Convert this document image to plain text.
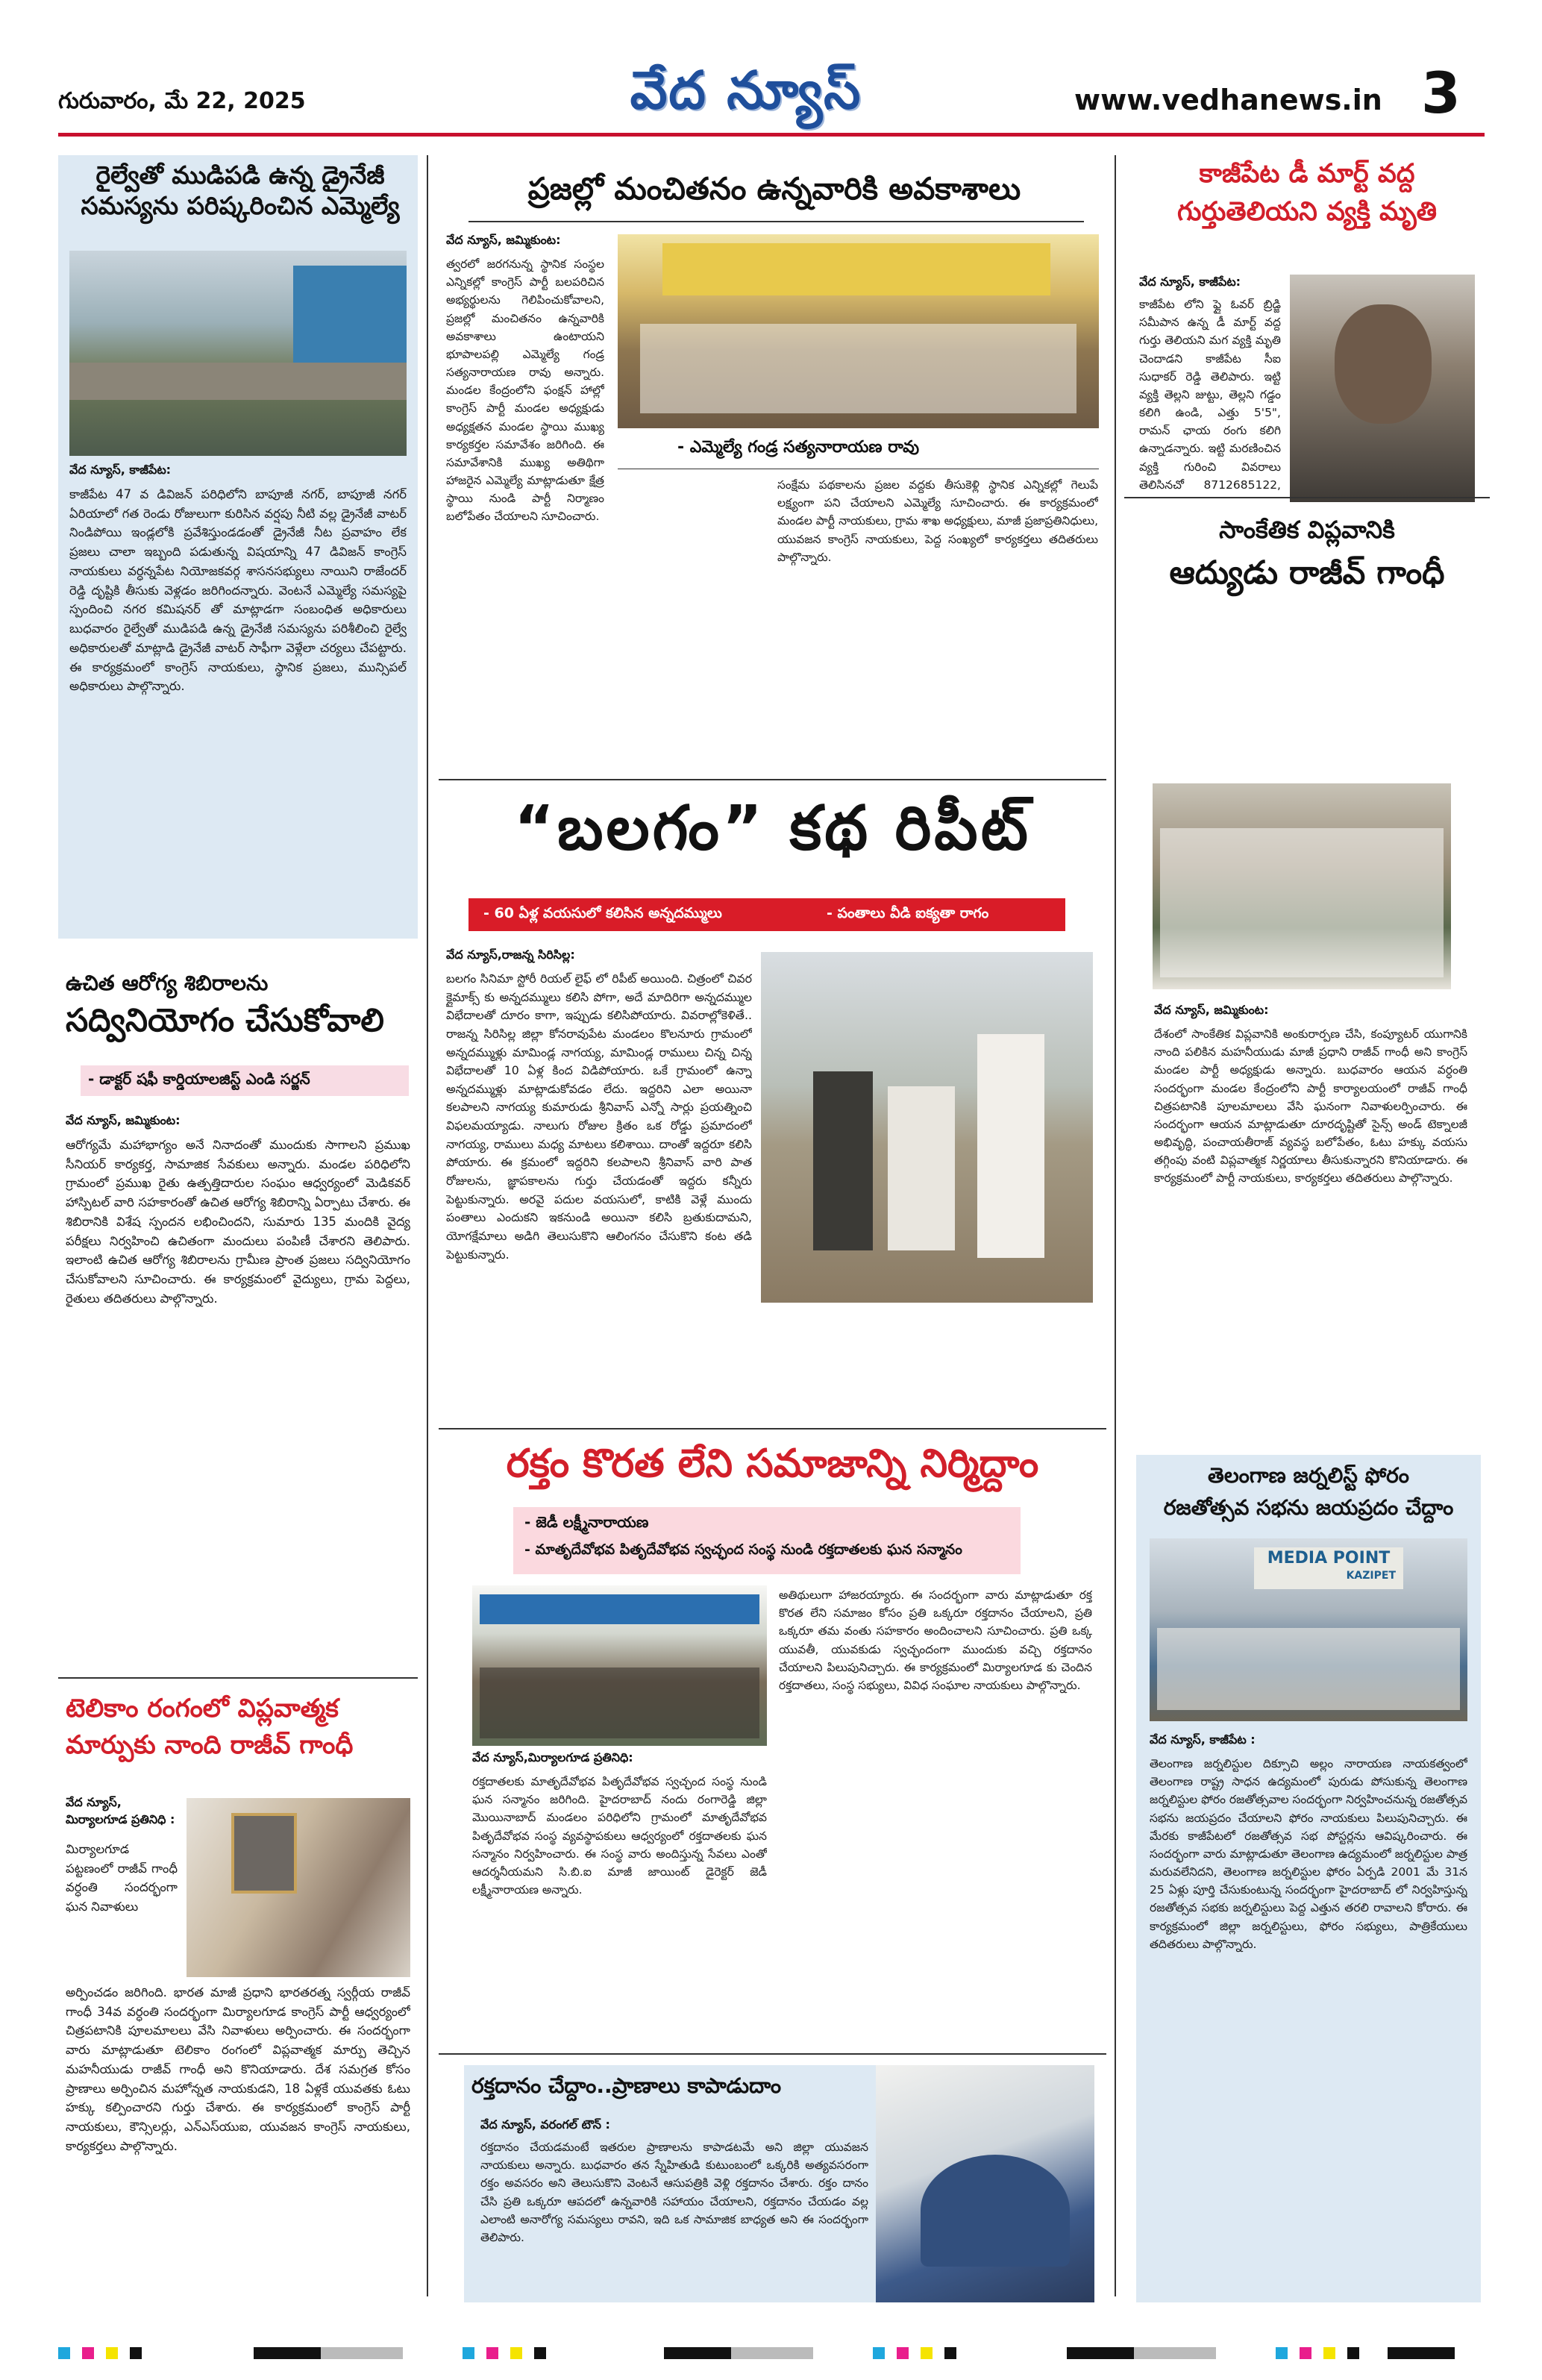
గురువారం, మే 22, 2025	వేద న్యూస్	www.vedhanews.in 3
రైల్వేతో ముడిపడి ఉన్న డ్రైనేజీ
సమస్యను పరిష్కరించిన ఎమ్మెల్యే
వేద న్యూస్, కాజీపేట:
కాజీపేట 47 వ డివిజన్ పరిధిలోని బాపూజీ నగర్, బాపూజీ నగర్ ఏరియాలో గత రెండు రోజులుగా కురిసిన వర్షపు నీటి వల్ల డ్రైనేజీ వాటర్ నిండిపోయి ఇండ్లలోకి ప్రవేశిస్తుండడంతో డ్రైనేజీ నీట ప్రవాహం లేక ప్రజలు చాలా ఇబ్బంది పడుతున్న విషయాన్ని 47 డివిజన్ కాంగ్రెస్ నాయకులు వర్ధన్నపేట నియోజకవర్గ శాసనసభ్యులు నాయిని రాజేందర్ రెడ్డి దృష్టికి తీసుకు వెళ్లడం జరిగిందన్నారు. వెంటనే ఎమ్మెల్యే సమస్యపై స్పందించి నగర కమిషనర్ తో మాట్లాడగా సంబంధిత అధికారులు బుధవారం రైల్వేతో ముడిపడి ఉన్న డ్రైనేజీ సమస్యను పరిశీలించి రైల్వే అధికారులతో మాట్లాడి డ్రైనేజీ వాటర్ సాఫీగా వెళ్లేలా చర్యలు చేపట్టారు. ఈ కార్యక్రమంలో కాంగ్రెస్ నాయకులు, స్థానిక ప్రజలు, మున్సిపల్ అధికారులు పాల్గొన్నారు.
ఉచిత ఆరోగ్య శిబిరాలను
సద్వినియోగం చేసుకోవాలి
- డాక్టర్ షఫీ కార్డియాలజిస్ట్ ఎండి సర్జన్
వేద న్యూస్, జమ్మికుంట:
ఆరోగ్యమే మహాభాగ్యం అనే నినాదంతో ముందుకు సాగాలని ప్రముఖ సీనియర్ కార్యకర్త, సామాజిక సేవకులు అన్నారు. మండల పరిధిలోని గ్రామంలో ప్రముఖ రైతు ఉత్పత్తిదారుల సంఘం ఆధ్వర్యంలో మెడికవర్ హాస్పిటల్ వారి సహకారంతో ఉచిత ఆరోగ్య శిబిరాన్ని ఏర్పాటు చేశారు. ఈ శిబిరానికి విశేష స్పందన లభించిందని, సుమారు 135 మందికి వైద్య పరీక్షలు నిర్వహించి ఉచితంగా మందులు పంపిణీ చేశారని తెలిపారు. ఇలాంటి ఉచిత ఆరోగ్య శిబిరాలను గ్రామీణ ప్రాంత ప్రజలు సద్వినియోగం చేసుకోవాలని సూచించారు. ఈ కార్యక్రమంలో వైద్యులు, గ్రామ పెద్దలు, రైతులు తదితరులు పాల్గొన్నారు.
టెలికాం రంగంలో విప్లవాత్మక
మార్పుకు నాంది రాజీవ్ గాంధీ
వేద న్యూస్,
మిర్యాలగూడ ప్రతినిధి :
మిర్యాలగూడ పట్టణంలో రాజీవ్ గాంధీ వర్ధంతి సందర్భంగా ఘన నివాళులు
అర్పించడం జరిగింది. భారత మాజీ ప్రధాని భారతరత్న స్వర్గీయ రాజీవ్ గాంధీ 34వ వర్ధంతి సందర్భంగా మిర్యాలగూడ కాంగ్రెస్ పార్టీ ఆధ్వర్యంలో చిత్రపటానికి పూలమాలలు వేసి నివాళులు అర్పించారు. ఈ సందర్భంగా వారు మాట్లాడుతూ టెలికాం రంగంలో విప్లవాత్మక మార్పు తెచ్చిన మహనీయుడు రాజీవ్ గాంధీ అని కొనియాడారు. దేశ సమగ్రత కోసం ప్రాణాలు అర్పించిన మహోన్నత నాయకుడని, 18 ఏళ్లకే యువతకు ఓటు హక్కు కల్పించారని గుర్తు చేశారు. ఈ కార్యక్రమంలో కాంగ్రెస్ పార్టీ నాయకులు, కౌన్సిలర్లు, ఎన్ఎస్‌యుఐ, యువజన కాంగ్రెస్ నాయకులు, కార్యకర్తలు పాల్గొన్నారు.
ప్రజల్లో మంచితనం ఉన్నవారికి అవకాశాలు
వేద న్యూస్, జమ్మికుంట:
త్వరలో జరగనున్న స్థానిక సంస్థల ఎన్నికల్లో కాంగ్రెస్ పార్టీ బలపరిచిన అభ్యర్థులను గెలిపించుకోవాలని, ప్రజల్లో మంచితనం ఉన్నవారికి అవకాశాలు ఉంటాయని భూపాలపల్లి ఎమ్మెల్యే గండ్ర సత్యనారాయణ రావు అన్నారు. మండల కేంద్రంలోని ఫంక్షన్ హాల్లో కాంగ్రెస్ పార్టీ మండల అధ్యక్షుడు అధ్యక్షతన మండల స్థాయి ముఖ్య కార్యకర్తల సమావేశం జరిగింది. ఈ సమావేశానికి ముఖ్య అతిథిగా హాజరైన ఎమ్మెల్యే మాట్లాడుతూ క్షేత్ర స్థాయి నుండి పార్టీ నిర్మాణం బలోపేతం చేయాలని సూచించారు.
- ఎమ్మెల్యే గండ్ర సత్యనారాయణ రావు
సంక్షేమ పథకాలను ప్రజల వద్దకు తీసుకెళ్లి స్థానిక ఎన్నికల్లో గెలుపే లక్ష్యంగా పని చేయాలని ఎమ్మెల్యే సూచించారు. ఈ కార్యక్రమంలో మండల పార్టీ నాయకులు, గ్రామ శాఖ అధ్యక్షులు, మాజీ ప్రజాప్రతినిధులు, యువజన కాంగ్రెస్ నాయకులు, పెద్ద సంఖ్యలో కార్యకర్తలు తదితరులు పాల్గొన్నారు.
“బలగం” కథ రిపీట్
- 60 ఏళ్ల వయసులో కలిసిన అన్నదమ్ములు	- పంతాలు వీడి ఐక్యతా రాగం
వేద న్యూస్,రాజన్న సిరిసిల్ల:
బలగం సినిమా స్టోరీ రియల్ లైఫ్ లో రిపీట్ అయింది. చిత్రంలో చివర క్లైమాక్స్ కు అన్నదమ్ములు కలిసి పోగా, అదే మాదిరిగా అన్నదమ్ముల విభేదాలతో దూరం కాగా, ఇప్పుడు కలిసిపోయారు. వివరాల్లోకెళితే.. రాజన్న సిరిసిల్ల జిల్లా కోనరావుపేట మండలం కొలనూరు గ్రామంలో అన్నదమ్ముళ్లు మామిండ్ల నాగయ్య, మామిండ్ల రాములు చిన్న చిన్న విభేదాలతో 10 ఏళ్ల కింద విడిపోయారు. ఒకే గ్రామంలో ఉన్నా అన్నదమ్ముళ్లు మాట్లాడుకోవడం లేదు. ఇద్దరిని ఎలా అయినా కలపాలని నాగయ్య కుమారుడు శ్రీనివాస్ ఎన్నో సార్లు ప్రయత్నించి విఫలమయ్యాడు. నాలుగు రోజుల క్రితం ఒక రోడ్డు ప్రమాదంలో నాగయ్య, రాములు మధ్య మాటలు కలిశాయి. దాంతో ఇద్దరూ కలిసి పోయారు. ఈ క్రమంలో ఇద్దరిని కలపాలని శ్రీనివాస్ వారి పాత రోజులను, జ్ఞాపకాలను గుర్తు చేయడంతో ఇద్దరు కన్నీరు పెట్టుకున్నారు. అరవై పదుల వయసులో, కాటికి వెళ్లే ముందు పంతాలు ఎందుకని ఇకనుండి అయినా కలిసి బ్రతుకుదామని, యోగక్షేమాలు అడిగి తెలుసుకొని ఆలింగనం చేసుకొని కంట తడి పెట్టుకున్నారు.
రక్తం కొరత లేని సమాజాన్ని నిర్మిద్దాం
- జెడీ లక్ష్మీనారాయణ
- మాతృదేవోభవ పితృదేవోభవ స్వచ్ఛంద సంస్థ నుండి రక్తదాతలకు ఘన సన్మానం
వేద న్యూస్,మిర్యాలగూడ ప్రతినిధి:
రక్తదాతలకు మాతృదేవోభవ పితృదేవోభవ స్వచ్ఛంద సంస్థ నుండి ఘన సన్మానం జరిగింది. హైదరాబాద్ నందు రంగారెడ్డి జిల్లా మొయినాబాద్ మండలం పరిధిలోని గ్రామంలో మాతృదేవోభవ పితృదేవోభవ సంస్థ వ్యవస్థాపకులు ఆధ్వర్యంలో రక్తదాతలకు ఘన సన్మానం నిర్వహించారు. ఈ సంస్థ వారు అందిస్తున్న సేవలు ఎంతో ఆదర్శనీయమని సి.బి.ఐ మాజీ జాయింట్ డైరెక్టర్ జెడీ లక్ష్మీనారాయణ అన్నారు.
అతిథులుగా హాజరయ్యారు. ఈ సందర్భంగా వారు మాట్లాడుతూ రక్త కొరత లేని సమాజం కోసం ప్రతి ఒక్కరూ రక్తదానం చేయాలని, ప్రతి ఒక్కరూ తమ వంతు సహకారం అందించాలని సూచించారు. ప్రతి ఒక్క యువతీ, యువకుడు స్వచ్ఛందంగా ముందుకు వచ్చి రక్తదానం చేయాలని పిలుపునిచ్చారు. ఈ కార్యక్రమంలో మిర్యాలగూడ కు చెందిన రక్తదాతలు, సంస్థ సభ్యులు, వివిధ సంఘాల నాయకులు పాల్గొన్నారు.
రక్తదానం చేద్దాం..ప్రాణాలు కాపాడుదాం
వేద న్యూస్, వరంగల్ టౌన్ :
రక్తదానం చేయడమంటే ఇతరుల ప్రాణాలను కాపాడటమే అని జిల్లా యువజన నాయకులు అన్నారు. బుధవారం తన స్నేహితుడి కుటుంబంలో ఒక్కరికి అత్యవసరంగా రక్తం అవసరం అని తెలుసుకొని వెంటనే ఆసుపత్రికి వెళ్లి రక్తదానం చేశారు. రక్తం దానం చేసి ప్రతి ఒక్కరూ ఆపదలో ఉన్నవారికి సహాయం చేయాలని, రక్తదానం చేయడం వల్ల ఎలాంటి అనారోగ్య సమస్యలు రావని, ఇది ఒక సామాజిక బాధ్యత అని ఈ సందర్భంగా తెలిపారు.
కాజీపేట డీ మార్ట్ వద్ద
గుర్తుతెలియని వ్యక్తి మృతి
వేద న్యూస్, కాజీపేట:
కాజీపేట లోని ఫ్లై ఓవర్ బ్రిడ్జి సమీపాన ఉన్న డీ మార్ట్ వద్ద గుర్తు తెలియని మగ వ్యక్తి మృతి చెందాడని కాజీపేట సీఐ సుధాకర్ రెడ్డి తెలిపారు. ఇట్టి వ్యక్తి తెల్లని జుట్టు, తెల్లని గడ్డం కలిగి ఉండి, ఎత్తు 5'5", రామన్ ఛాయ రంగు కలిగి ఉన్నాడన్నారు. ఇట్టి మరణించిన వ్యక్తి గురించి వివరాలు తెలిసినచో 8712685122,
సాంకేతిక విప్లవానికి
ఆద్యుడు రాజీవ్ గాంధీ
వేద న్యూస్, జమ్మికుంట:
దేశంలో సాంకేతిక విప్లవానికి అంకురార్పణ చేసి, కంప్యూటర్ యుగానికి నాంది పలికిన మహనీయుడు మాజీ ప్రధాని రాజీవ్ గాంధీ అని కాంగ్రెస్ మండల పార్టీ అధ్యక్షుడు అన్నారు. బుధవారం ఆయన వర్ధంతి సందర్భంగా మండల కేంద్రంలోని పార్టీ కార్యాలయంలో రాజీవ్ గాంధీ చిత్రపటానికి పూలమాలలు వేసి ఘనంగా నివాళులర్పించారు. ఈ సందర్భంగా ఆయన మాట్లాడుతూ దూరదృష్టితో సైన్స్ అండ్ టెక్నాలజీ అభివృద్ధి, పంచాయతీరాజ్ వ్యవస్థ బలోపేతం, ఓటు హక్కు వయసు తగ్గింపు వంటి విప్లవాత్మక నిర్ణయాలు తీసుకున్నారని కొనియాడారు. ఈ కార్యక్రమంలో పార్టీ నాయకులు, కార్యకర్తలు తదితరులు పాల్గొన్నారు.
తెలంగాణ జర్నలిస్ట్ ఫోరం
రజతోత్సవ సభను జయప్రదం చేద్దాం
MEDIA POINT
KAZIPET
వేద న్యూస్, కాజీపేట :
తెలంగాణ జర్నలిస్టుల దిక్సూచి అల్లం నారాయణ నాయకత్వంలో తెలంగాణ రాష్ట్ర సాధన ఉద్యమంలో పురుడు పోసుకున్న తెలంగాణ జర్నలిస్టుల ఫోరం రజతోత్సవాల సందర్భంగా నిర్వహించనున్న రజతోత్సవ సభను జయప్రదం చేయాలని ఫోరం నాయకులు పిలుపునిచ్చారు. ఈ మేరకు కాజీపేటలో రజతోత్సవ సభ పోస్టర్లను ఆవిష్కరించారు. ఈ సందర్భంగా వారు మాట్లాడుతూ తెలంగాణ ఉద్యమంలో జర్నలిస్టుల పాత్ర మరువలేనిదని, తెలంగాణ జర్నలిస్టుల ఫోరం ఏర్పడి 2001 మే 31న 25 ఏళ్లు పూర్తి చేసుకుంటున్న సందర్భంగా హైదరాబాద్ లో నిర్వహిస్తున్న రజతోత్సవ సభకు జర్నలిస్టులు పెద్ద ఎత్తున తరలి రావాలని కోరారు. ఈ కార్యక్రమంలో జిల్లా జర్నలిస్టులు, ఫోరం సభ్యులు, పాత్రికేయులు తదితరులు పాల్గొన్నారు.
